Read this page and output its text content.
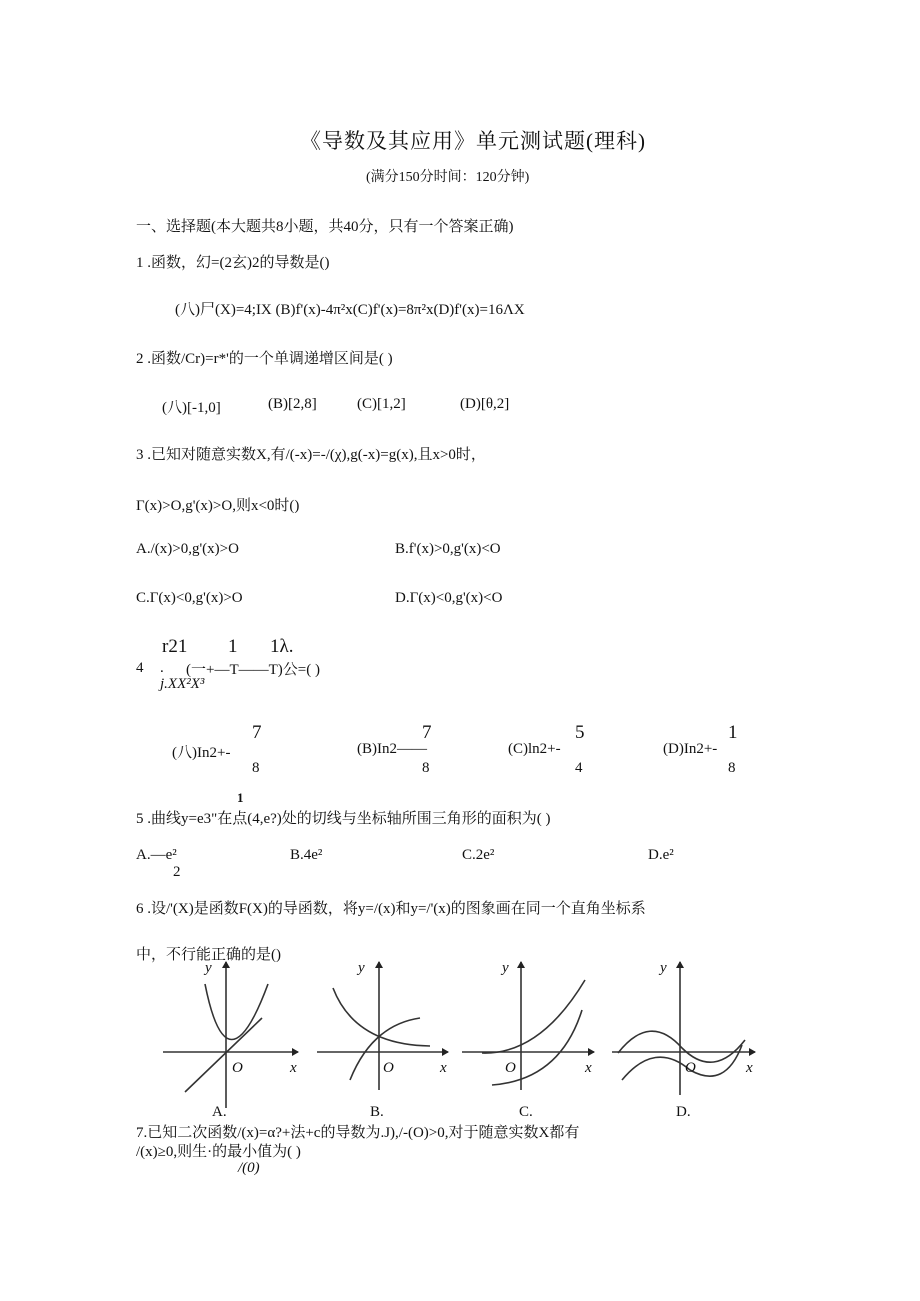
《导数及其应用》单元测试题(理科)
(满分150分时间：120分钟)
一、选择题(本大题共8小题，共40分，只有一个答案正确)
1 .函数，幻=(2玄)2的导数是()
(八)尸(X)=4;IX (B)f'(x)-4π²x(C)f'(x)=8π²x(D)f'(x)=16ΛX
2 .函数/Cr)=r*'的一个单调递增区间是( )
(八)[-1,0]	(B)[2,8]	(C)[1,2]	(D)[θ,2]
3 .已知对随意实数X,有/(-x)=-/(χ),g(-x)=g(x),且x>0时，
Γ(x)>O,g'(x)>O,则x<0时()
A./(x)>0,g'(x)>O	B.f'(x)>0,g'(x)<O
C.Γ(x)<0,g'(x)>O	D.Γ(x)<0,g'(x)<O
r21 1 1λ.
4 . (一+—T——T)公=( )
j.XX²X³
7
(八)In2+-
8
7
(B)In2——
8
5
(C)ln2+-
4
1
(D)In2+-
8
1
5 .曲线y=e3"在点(4,e?)处的切线与坐标轴所围三角形的面积为( )
A.—e²
2
B.4e²	C.2e²	D.e²
6 .设/'(X)是函数F(X)的导函数，将y=/(x)和y=/'(x)的图象画在同一个直角坐标系
中，不行能正确的是()
y
x
O
y
x
O
y
x
O
y
x
O
A.	B.	C.	D.
7.已知二次函数/(x)=α?+法+c的导数为.J),/-(O)>0,对于随意实数X都有
/(x)≥0,则生·的最小值为( )
/(0)
